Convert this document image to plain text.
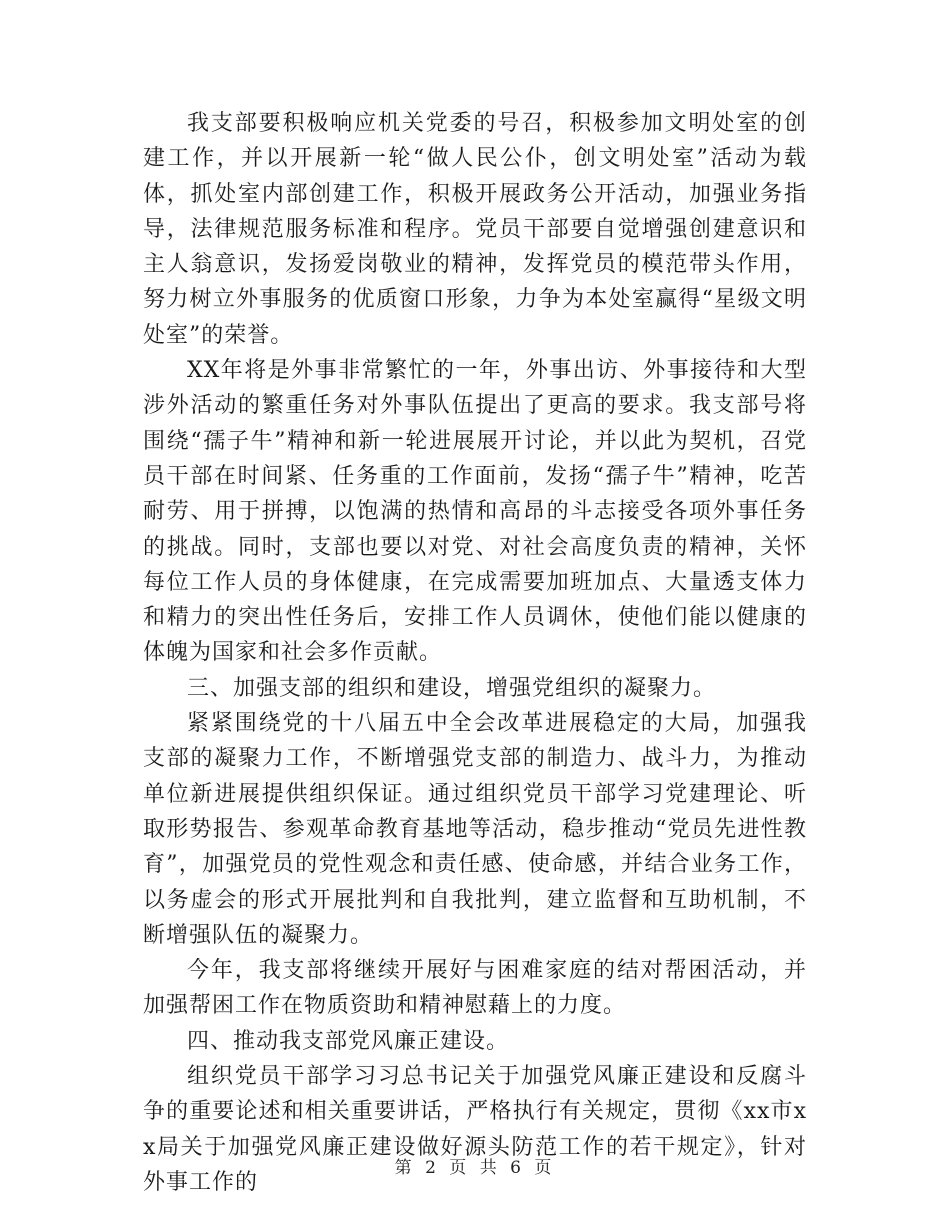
我支部要积极响应机关党委的号召，积极参加文明处室的创建工作，并以开展新一轮“做人民公仆，创文明处室”活动为载体，抓处室内部创建工作，积极开展政务公开活动，加强业务指导，法律规范服务标准和程序。党员干部要自觉增强创建意识和主人翁意识，发扬爱岗敬业的精神，发挥党员的模范带头作用，努力树立外事服务的优质窗口形象，力争为本处室赢得“星级文明处室”的荣誉。

XX年将是外事非常繁忙的一年，外事出访、外事接待和大型涉外活动的繁重任务对外事队伍提出了更高的要求。我支部号将围绕“孺子牛”精神和新一轮进展展开讨论，并以此为契机，召党员干部在时间紧、任务重的工作面前，发扬“孺子牛”精神，吃苦耐劳、用于拼搏，以饱满的热情和高昂的斗志接受各项外事任务的挑战。同时，支部也要以对党、对社会高度负责的精神，关怀每位工作人员的身体健康，在完成需要加班加点、大量透支体力和精力的突出性任务后，安排工作人员调休，使他们能以健康的体魄为国家和社会多作贡献。

三、加强支部的组织和建设，增强党组织的凝聚力。

紧紧围绕党的十八届五中全会改革进展稳定的大局，加强我支部的凝聚力工作，不断增强党支部的制造力、战斗力，为推动单位新进展提供组织保证。通过组织党员干部学习党建理论、听取形势报告、参观革命教育基地等活动，稳步推动“党员先进性教育”，加强党员的党性观念和责任感、使命感，并结合业务工作，以务虚会的形式开展批判和自我批判，建立监督和互助机制，不断增强队伍的凝聚力。

今年，我支部将继续开展好与困难家庭的结对帮困活动，并加强帮困工作在物质资助和精神慰藉上的力度。

四、推动我支部党风廉正建设。

组织党员干部学习习总书记关于加强党风廉正建设和反腐斗争的重要论述和相关重要讲话，严格执行有关规定，贯彻《xx市xx局关于加强党风廉正建设做好源头防范工作的若干规定》，针对外事工作的

第 2 页 共 6 页
